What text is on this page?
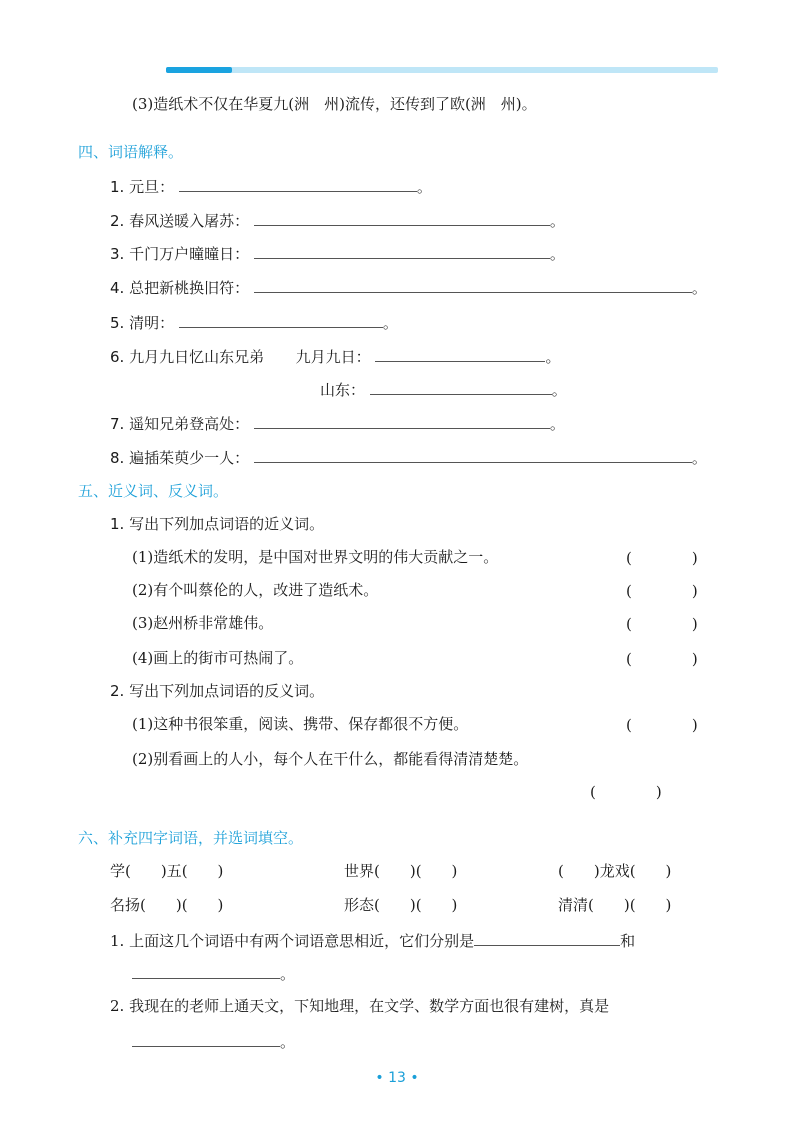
(3)造纸术不仅在华夏九(洲　州)流传，还传到了欧(洲　州)。
四、词语解释。
1. 元旦：	。
2. 春风送暖入屠苏：	。
3. 千门万户曈曈日：	。
4. 总把新桃换旧符：	。
5. 清明：	。
6. 九月九日忆山东兄弟 九月九日：	。
山东：	。
7. 遥知兄弟登高处：	。
8. 遍插茱萸少一人：	。
五、近义词、反义词。
1. 写出下列加点词语的近义词。
(1)造纸术的发明，是中国对世界文明的伟大贡献之一。	(　　　　)
(2)有个叫蔡伦的人，改进了造纸术。	(　　　　)
(3)赵州桥非常雄伟。	(　　　　)
(4)画上的街市可热闹了。	(　　　　)
2. 写出下列加点词语的反义词。
(1)这种书很笨重，阅读、携带、保存都很不方便。	(　　　　)
(2)别看画上的人小，每个人在干什么，都能看得清清楚楚。
(　　　　)
六、补充四字词语，并选词填空。
学(　　)五(　　)	世界(　　)(　　)	(　　)龙戏(　　)
名扬(　　)(　　)	形态(　　)(　　)	清清(　　)(　　)
1. 上面这几个词语中有两个词语意思相近，它们分别是	和
。
2. 我现在的老师上通天文，下知地理，在文学、数学方面也很有建树，真是
。
• 13 •
